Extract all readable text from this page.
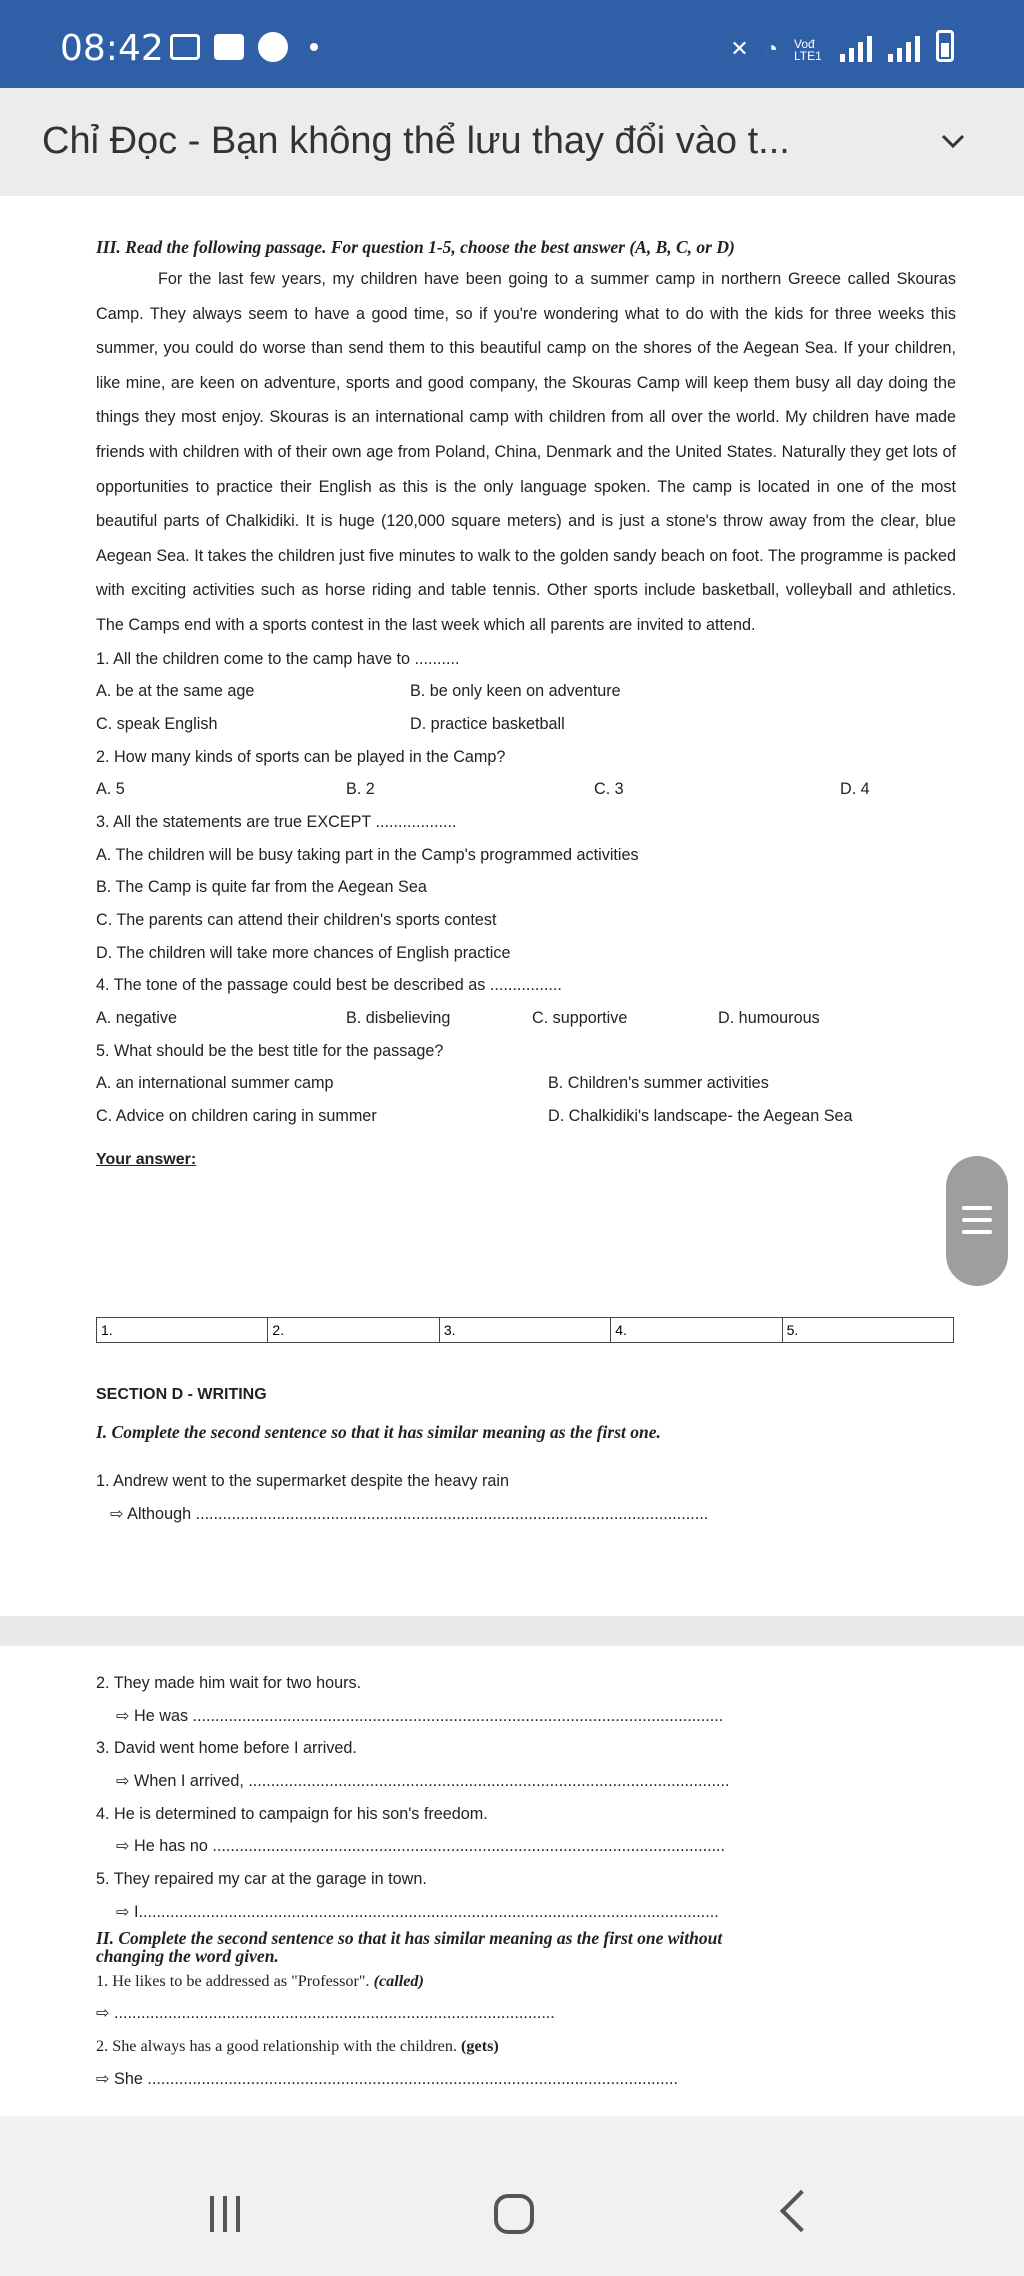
08:42	✕ ◔ Vođ LTE1
Chỉ Đọc - Bạn không thể lưu thay đổi vào t...
III. Read the following passage. For question 1-5, choose the best answer (A, B, C, or D)
For the last few years, my children have been going to a summer camp in northern Greece called Skouras Camp. They always seem to have a good time, so if you're wondering what to do with the kids for three weeks this summer, you could do worse than send them to this beautiful camp on the shores of the Aegean Sea. If your children, like mine, are keen on adventure, sports and good company, the Skouras Camp will keep them busy all day doing the things they most enjoy. Skouras is an international camp with children from all over the world. My children have made friends with children with of their own age from Poland, China, Denmark and the United States. Naturally they get lots of opportunities to practice their English as this is the only language spoken. The camp is located in one of the most beautiful parts of Chalkidiki. It is huge (120,000 square meters) and is just a stone's throw away from the clear, blue Aegean Sea. It takes the children just five minutes to walk to the golden sandy beach on foot. The programme is packed with exciting activities such as horse riding and table tennis. Other sports include basketball, volleyball and athletics. The Camps end with a sports contest in the last week which all parents are invited to attend.
1. All the children come to the camp have to ..........
A. be at the same age	B. be only keen on adventure
C. speak English	D. practice basketball
2. How many kinds of sports can be played in the Camp?
A. 5	B. 2	C. 3	D. 4
3. All the statements are true EXCEPT ..................
A. The children will be busy taking part in the Camp's programmed activities
B. The Camp is quite far from the Aegean Sea
C. The parents can attend their children's sports contest
D. The children will take more chances of English practice
4. The tone of the passage could best be described as ................
A. negative	B. disbelieving	C. supportive	D. humourous
5. What should be the best title for the passage?
A. an international summer camp	B. Children's summer activities
C. Advice on children caring in summer	D. Chalkidiki's landscape- the Aegean Sea
Your answer:
1.	2.	3.	4.	5.
SECTION D - WRITING
I. Complete the second sentence so that it has similar meaning as the first one.
1. Andrew went to the supermarket despite the heavy rain
⇨ Although ..................................................................................................................
2. They made him wait for two hours.
⇨ He was ......................................................................................................................
3. David went home before I arrived.
⇨ When I arrived, ...........................................................................................................
4. He is determined to campaign for his son's freedom.
⇨ He has no ..................................................................................................................
5. They repaired my car at the garage in town.
⇨ I.................................................................................................................................
II. Complete the second sentence so that it has similar meaning as the first one without
changing the word given.
1. He likes to be addressed as "Professor". (called)
⇨ ..................................................................................................
2. She always has a good relationship with the children. (gets)
⇨ She ......................................................................................................................
